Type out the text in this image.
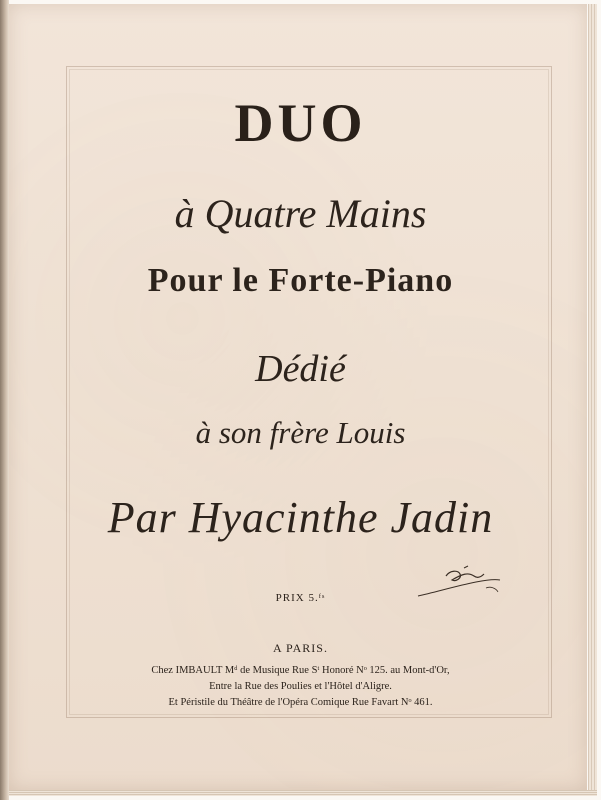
DUO
à Quatre Mains
Pour le Forte-Piano
Dédié
à son frère Louis
Par Hyacinthe Jadin
PRIX 5.ᶠˢ
A PARIS.
Chez IMBAULT Mᵈ de Musique Rue Sᵗ Honoré Nᵒ 125. au Mont-d'Or,
Entre la Rue des Poulies et l'Hôtel d'Aligre.
Et Péristile du Théâtre de l'Opéra Comique Rue Favart Nᵒ 461.
